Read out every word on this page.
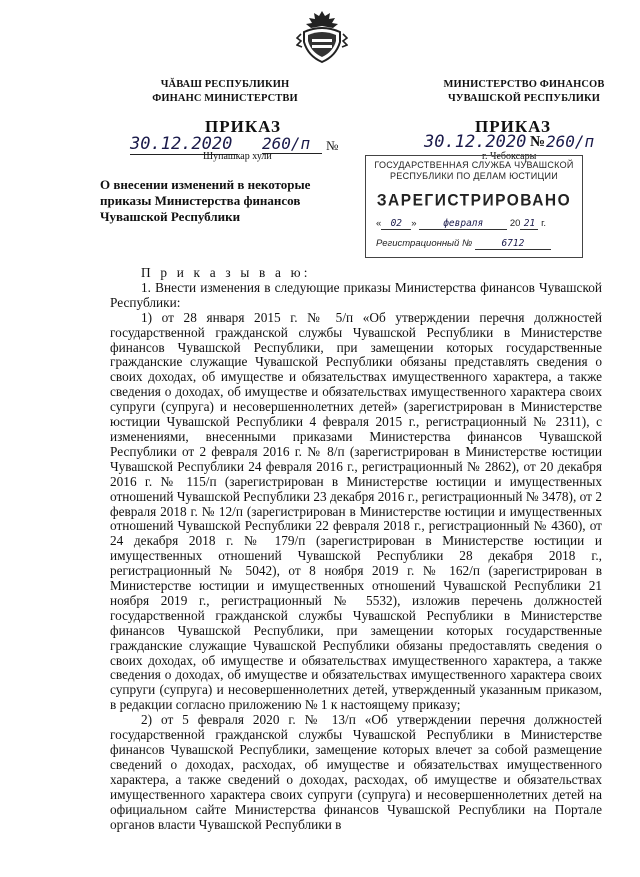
ЧĂВАШ РЕСПУБЛИКИН
ФИНАНС МИНИСТЕРСТВИ
МИНИСТЕРСТВО ФИНАНСОВ
ЧУВАШСКОЙ РЕСПУБЛИКИ
ПРИКАЗ
30.12.2020	260/п	№
Шупашкар хули
ПРИКАЗ
30.12.2020 № 260/п
г. Чебоксары
ГОСУДАРСТВЕННАЯ СЛУЖБА ЧУВАШСКОЙ
РЕСПУБЛИКИ ПО ДЕЛАМ ЮСТИЦИИ
ЗАРЕГИСТРИРОВАНО
« 02 »	февраля	20 21 г.
Регистрационный №	6712
О внесении изменений в некоторые приказы Министерства финансов Чувашской Республики

П р и к а з ы в а ю:

1. Внести изменения в следующие приказы Министерства финансов Чувашской Республики:

1) от 28 января 2015 г. № 5/п «Об утверждении перечня должностей государственной гражданской службы Чувашской Республики в Министерстве финансов Чувашской Республики, при замещении которых государственные гражданские служащие Чувашской Республики обязаны представлять сведения о своих доходах, об имуществе и обязательствах имущественного характера, а также сведения о доходах, об имуществе и обязательствах имущественного характера своих супруги (супруга) и несовершеннолетних детей» (зарегистрирован в Министерстве юстиции Чувашской Республики 4 февраля 2015 г., регистрационный № 2311), с изменениями, внесенными приказами Министерства финансов Чувашской Республики от 2 февраля 2016 г. № 8/п (зарегистрирован в Министерстве юстиции Чувашской Республики 24 февраля 2016 г., регистрационный № 2862), от 20 декабря 2016 г. № 115/п (зарегистрирован в Министерстве юстиции и имущественных отношений Чувашской Республики 23 декабря 2016 г., регистрационный № 3478), от 2 февраля 2018 г. № 12/п (зарегистрирован в Министерстве юстиции и имущественных отношений Чувашской Республики 22 февраля 2018 г., регистрационный № 4360), от 24 декабря 2018 г. № 179/п (зарегистрирован в Министерстве юстиции и имущественных отношений Чувашской Республики 28 декабря 2018 г., регистрационный № 5042), от 8 ноября 2019 г. № 162/п (зарегистрирован в Министерстве юстиции и имущественных отношений Чувашской Республики 21 ноября 2019 г., регистрационный № 5532), изложив перечень должностей государственной гражданской службы Чувашской Республики в Министерстве финансов Чувашской Республики, при замещении которых государственные гражданские служащие Чувашской Республики обязаны предоставлять сведения о своих доходах, об имуществе и обязательствах имущественного характера, а также сведения о доходах, об имуществе и обязательствах имущественного характера своих супруги (супруга) и несовершеннолетних детей, утвержденный указанным приказом, в редакции согласно приложению № 1 к настоящему приказу;

2) от 5 февраля 2020 г. № 13/п «Об утверждении перечня должностей государственной гражданской службы Чувашской Республики в Министерстве финансов Чувашской Республики, замещение которых влечет за собой размещение сведений о доходах, расходах, об имуществе и обязательствах имущественного характера, а также сведений о доходах, расходах, об имуществе и обязательствах имущественного характера своих супруги (супруга) и несовершеннолетних детей на официальном сайте Министерства финансов Чувашской Республики на Портале органов власти Чувашской Республики в
